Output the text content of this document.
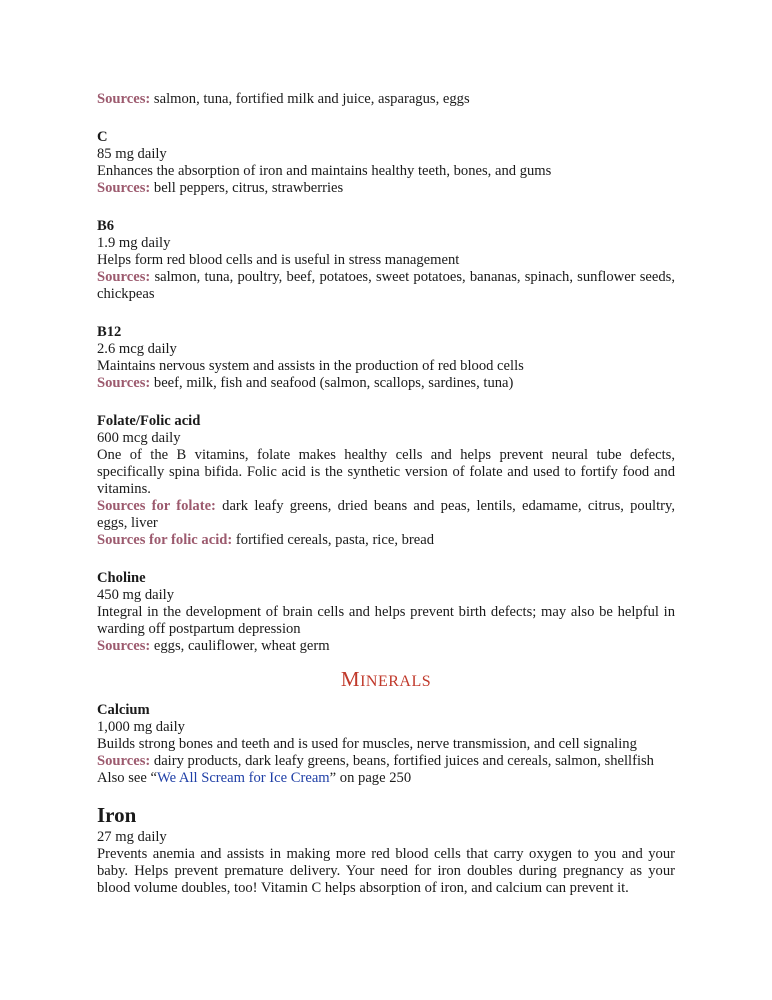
Sources: salmon, tuna, fortified milk and juice, asparagus, eggs

C

85 mg daily

Enhances the absorption of iron and maintains healthy teeth, bones, and gums

Sources: bell peppers, citrus, strawberries

B6

1.9 mg daily

Helps form red blood cells and is useful in stress management

Sources: salmon, tuna, poultry, beef, potatoes, sweet potatoes, bananas, spinach, sunflower seeds, chickpeas

B12

2.6 mcg daily

Maintains nervous system and assists in the production of red blood cells

Sources: beef, milk, fish and seafood (salmon, scallops, sardines, tuna)

Folate/Folic acid

600 mcg daily

One of the B vitamins, folate makes healthy cells and helps prevent neural tube defects, specifically spina bifida. Folic acid is the synthetic version of folate and used to fortify food and vitamins.

Sources for folate: dark leafy greens, dried beans and peas, lentils, edamame, citrus, poultry, eggs, liver

Sources for folic acid: fortified cereals, pasta, rice, bread

Choline

450 mg daily

Integral in the development of brain cells and helps prevent birth defects; may also be helpful in warding off postpartum depression

Sources: eggs, cauliflower, wheat germ

MINERALS

Calcium

1,000 mg daily

Builds strong bones and teeth and is used for muscles, nerve transmission, and cell signaling

Sources: dairy products, dark leafy greens, beans, fortified juices and cereals, salmon, shellfish

Also see “We All Scream for Ice Cream” on page 250

Iron

27 mg daily

Prevents anemia and assists in making more red blood cells that carry oxygen to you and your baby. Helps prevent premature delivery. Your need for iron doubles during pregnancy as your blood volume doubles, too! Vitamin C helps absorption of iron, and calcium can prevent it.
